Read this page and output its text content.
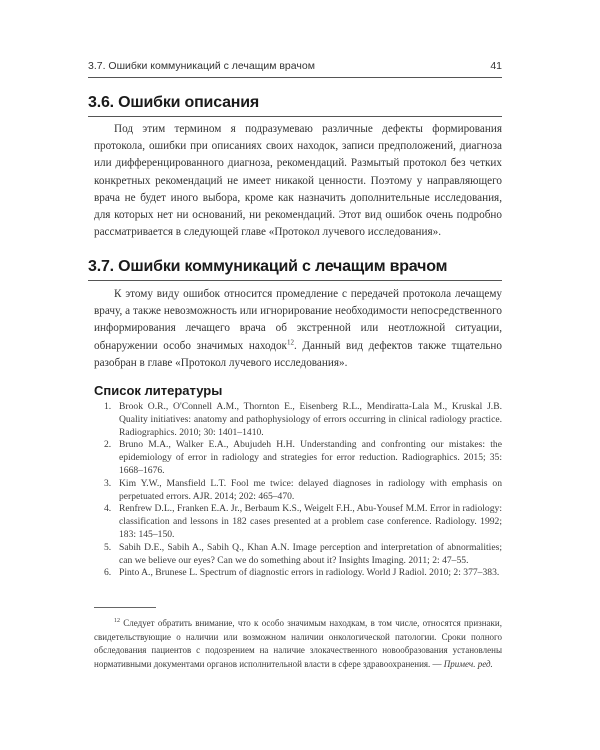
3.7. Ошибки коммуникаций с лечащим врачом	41
3.6. Ошибки описания

Под этим термином я подразумеваю различные дефекты формирования протокола, ошибки при описаниях своих находок, записи предположений, диагноза или дифференцированного диагноза, рекомендаций. Размытый протокол без четких конкретных рекомендаций не имеет никакой ценности. Поэтому у направляющего врача не будет иного выбора, кроме как назначить дополнительные исследования, для которых нет ни оснований, ни рекомендаций. Этот вид ошибок очень подробно рассматривается в следующей главе «Протокол лучевого исследования».

3.7. Ошибки коммуникаций с лечащим врачом

К этому виду ошибок относится промедление с передачей протокола лечащему врачу, а также невозможность или игнорирование необходимости непосредственного информирования лечащего врача об экстренной или неотложной ситуации, обнаружении особо значимых находок$^{12}$. Данный вид дефектов также тщательно разобран в главе «Протокол лучевого исследования».

Список литературы
1. Brook O.R., O'Connell A.M., Thornton E., Eisenberg R.L., Mendiratta-Lala M., Kruskal J.B. Quality initiatives: anatomy and pathophysiology of errors occurring in clinical radiology practice. Radiographics. 2010; 30: 1401–1410.
2. Bruno M.A., Walker E.A., Abujudeh H.H. Understanding and confronting our mistakes: the epidemiology of error in radiology and strategies for error reduction. Radiographics. 2015; 35: 1668–1676.
3. Kim Y.W., Mansfield L.T. Fool me twice: delayed diagnoses in radiology with emphasis on perpetuated errors. AJR. 2014; 202: 465–470.
4. Renfrew D.L., Franken E.A. Jr., Berbaum K.S., Weigelt F.H., Abu-Yousef M.M. Error in radiology: classification and lessons in 182 cases presented at a problem case conference. Radiology. 1992; 183: 145–150.
5. Sabih D.E., Sabih A., Sabih Q., Khan A.N. Image perception and interpretation of abnormalities; can we believe our eyes? Can we do something about it? Insights Imaging. 2011; 2: 47–55.
6. Pinto A., Brunese L. Spectrum of diagnostic errors in radiology. World J Radiol. 2010; 2: 377–383.

$^{12}$ Следует обратить внимание, что к особо значимым находкам, в том числе, относятся признаки, свидетельствующие о наличии или возможном наличии онкологической патологии. Сроки полного обследования пациентов с подозрением на наличие злокачественного новообразования установлены нормативными документами органов исполнительной власти в сфере здравоохранения. — Примеч. ред.
